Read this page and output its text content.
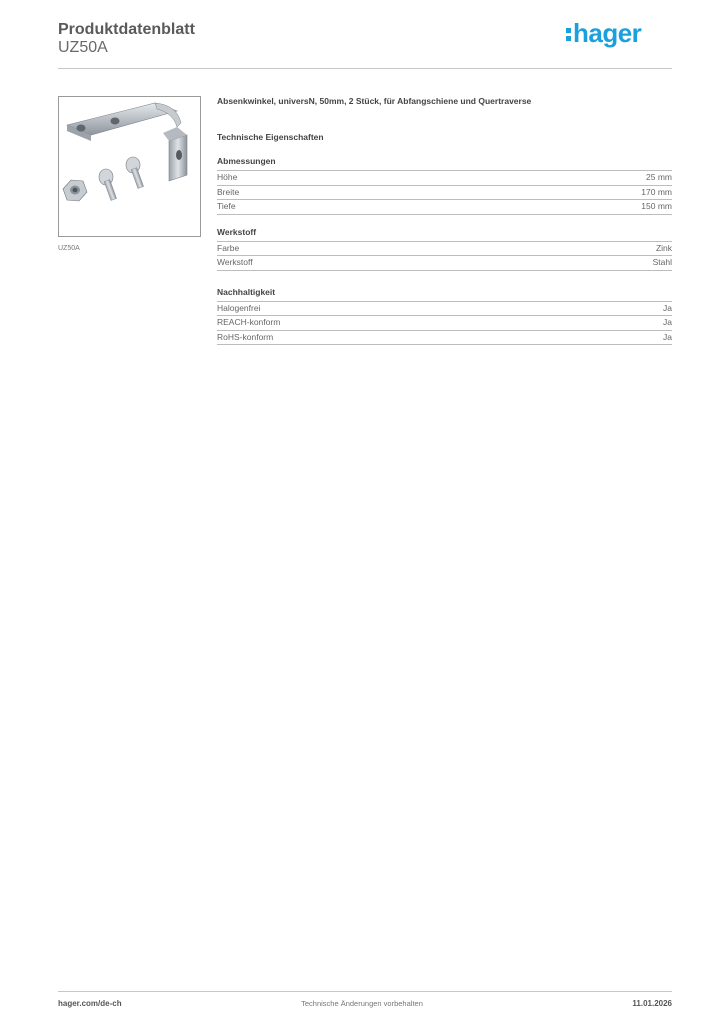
Produktdatenblatt
UZ50A	hager
UZ50A
Absenkwinkel, universN, 50mm, 2 Stück, für Abfangschiene und Quertraverse
Technische Eigenschaften
Abmessungen
Höhe	25 mm
Breite	170 mm
Tiefe	150 mm
Werkstoff
Farbe	Zink
Werkstoff	Stahl
Nachhaltigkeit
Halogenfrei	Ja
REACH-konform	Ja
RoHS-konform	Ja
hager.com/de-ch	Technische Änderungen vorbehalten	11.01.2026
